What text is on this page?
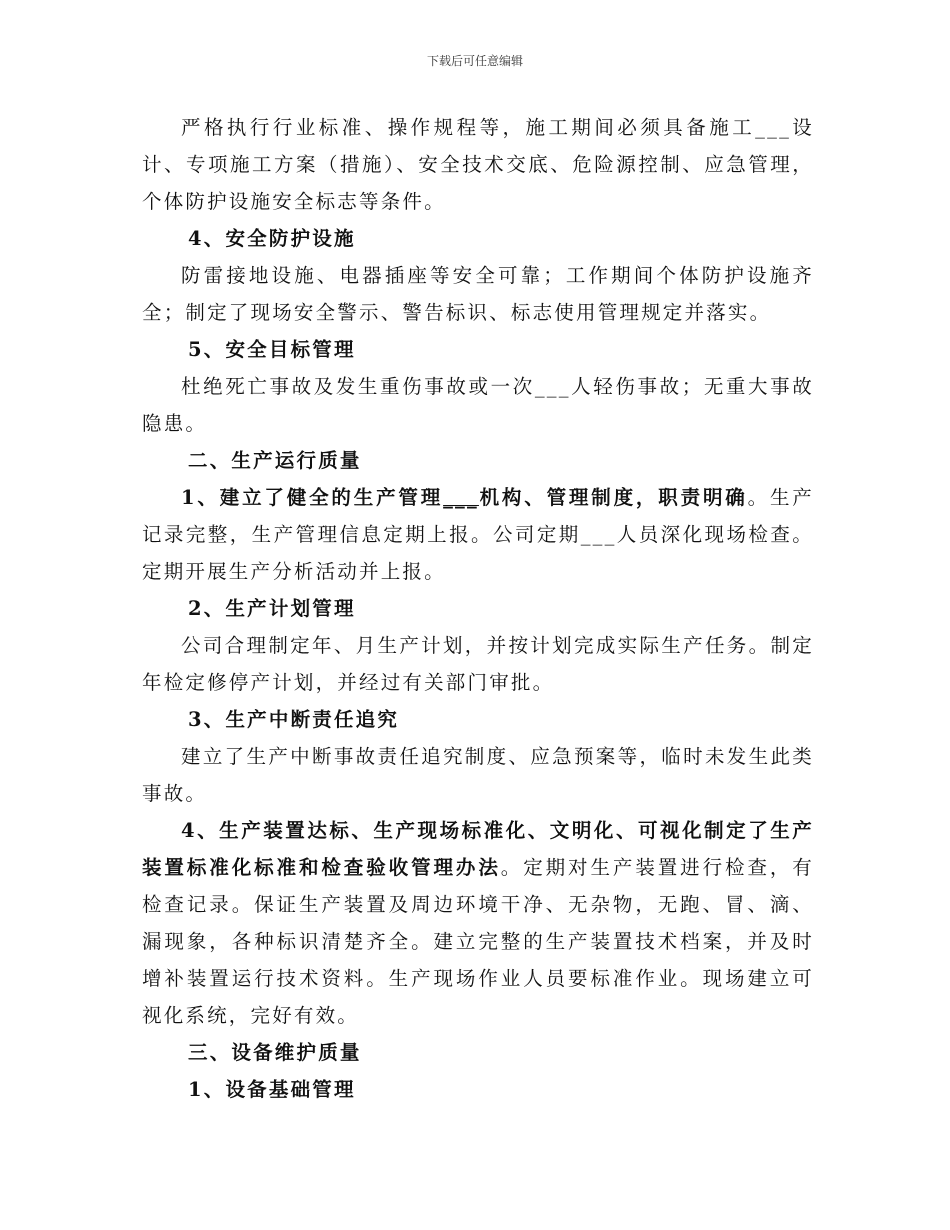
下载后可任意编辑

严格执行行业标准、操作规程等，施工期间必须具备施工___设计、专项施工方案（措施）、安全技术交底、危险源控制、应急管理，个体防护设施安全标志等条件。

4、安全防护设施

防雷接地设施、电器插座等安全可靠；工作期间个体防护设施齐全；制定了现场安全警示、警告标识、标志使用管理规定并落实。

5、安全目标管理

杜绝死亡事故及发生重伤事故或一次___人轻伤事故；无重大事故隐患。

二、生产运行质量

1、建立了健全的生产管理___机构、管理制度，职责明确。生产记录完整，生产管理信息定期上报。公司定期___人员深化现场检查。定期开展生产分析活动并上报。

2、生产计划管理

公司合理制定年、月生产计划，并按计划完成实际生产任务。制定年检定修停产计划，并经过有关部门审批。

3、生产中断责任追究

建立了生产中断事故责任追究制度、应急预案等，临时未发生此类事故。

4、生产装置达标、生产现场标准化、文明化、可视化制定了生产装置标准化标准和检查验收管理办法。定期对生产装置进行检查，有检查记录。保证生产装置及周边环境干净、无杂物，无跑、冒、滴、漏现象，各种标识清楚齐全。建立完整的生产装置技术档案，并及时增补装置运行技术资料。生产现场作业人员要标准作业。现场建立可视化系统，完好有效。

三、设备维护质量

1、设备基础管理
